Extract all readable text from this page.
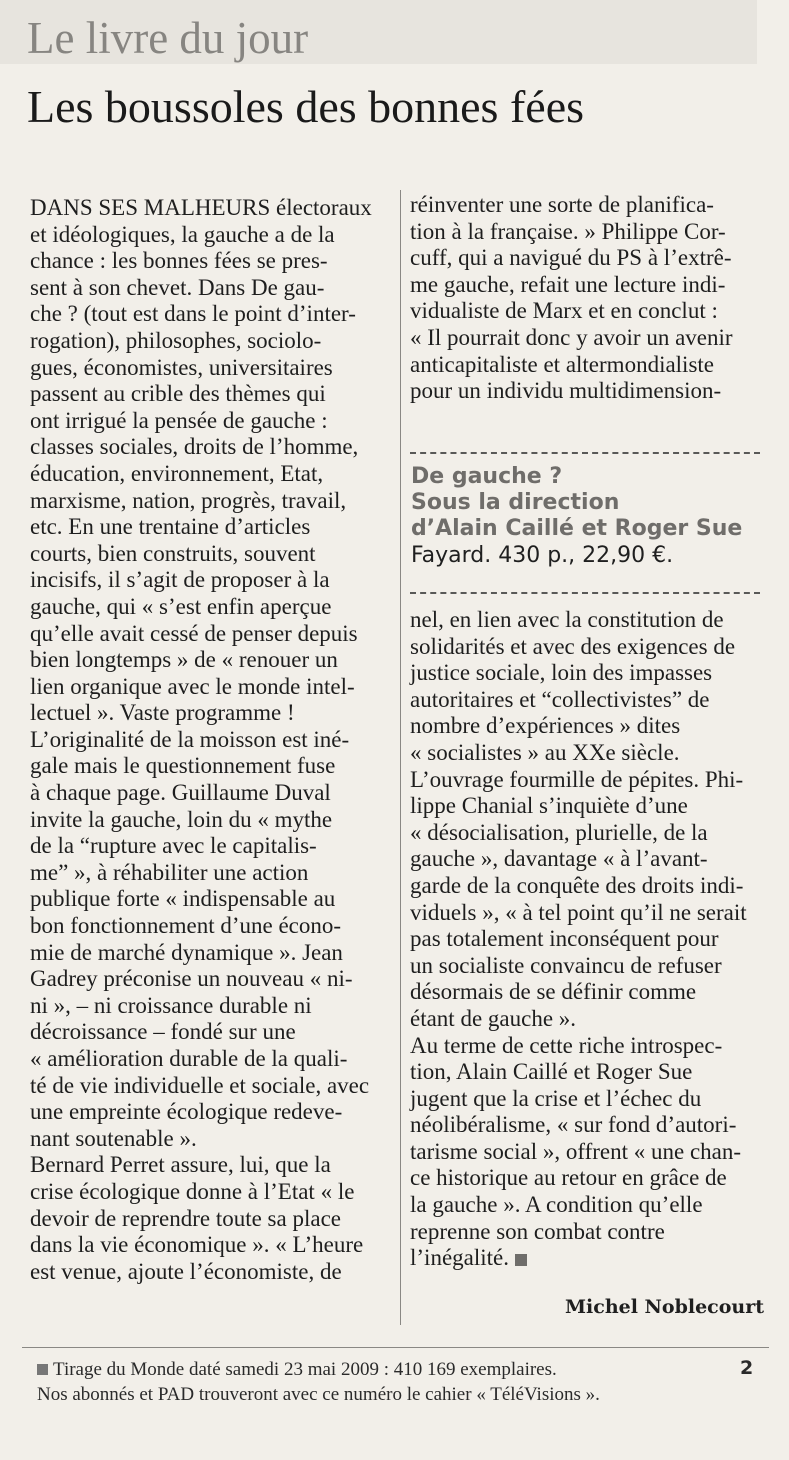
Le livre du jour
Les boussoles des bonnes fées
DANS SES MALHEURS électoraux
et idéologiques, la gauche a de la
chance : les bonnes fées se pres-
sent à son chevet. Dans De gau-
che ? (tout est dans le point d’inter-
rogation), philosophes, sociolo-
gues, économistes, universitaires
passent au crible des thèmes qui
ont irrigué la pensée de gauche :
classes sociales, droits de l’homme,
éducation, environnement, Etat,
marxisme, nation, progrès, travail,
etc. En une trentaine d’articles
courts, bien construits, souvent
incisifs, il s’agit de proposer à la
gauche, qui « s’est enfin aperçue
qu’elle avait cessé de penser depuis
bien longtemps » de « renouer un
lien organique avec le monde intel-
lectuel ». Vaste programme !
L’originalité de la moisson est iné-
gale mais le questionnement fuse
à chaque page. Guillaume Duval
invite la gauche, loin du « mythe
de la “rupture avec le capitalis-
me” », à réhabiliter une action
publique forte « indispensable au
bon fonctionnement d’une écono-
mie de marché dynamique ». Jean
Gadrey préconise un nouveau « ni-
ni », – ni croissance durable ni
décroissance – fondé sur une
« amélioration durable de la quali-
té de vie individuelle et sociale, avec
une empreinte écologique redeve-
nant soutenable ».
Bernard Perret assure, lui, que la
crise écologique donne à l’Etat « le
devoir de reprendre toute sa place
dans la vie économique ». « L’heure
est venue, ajoute l’économiste, de
réinventer une sorte de planifica-
tion à la française. » Philippe Cor-
cuff, qui a navigué du PS à l’extrê-
me gauche, refait une lecture indi-
vidualiste de Marx et en conclut :
« Il pourrait donc y avoir un avenir
anticapitaliste et altermondialiste
pour un individu multidimension-
De gauche ?
Sous la direction
d’Alain Caillé et Roger Sue
Fayard. 430 p., 22,90 €.
nel, en lien avec la constitution de
solidarités et avec des exigences de
justice sociale, loin des impasses
autoritaires et “collectivistes” de
nombre d’expériences » dites
« socialistes » au XXe siècle.
L’ouvrage fourmille de pépites. Phi-
lippe Chanial s’inquiète d’une
« désocialisation, plurielle, de la
gauche », davantage « à l’avant-
garde de la conquête des droits indi-
viduels », « à tel point qu’il ne serait
pas totalement inconséquent pour
un socialiste convaincu de refuser
désormais de se définir comme
étant de gauche ».
Au terme de cette riche introspec-
tion, Alain Caillé et Roger Sue
jugent que la crise et l’échec du
néolibéralisme, « sur fond d’autori-
tarisme social », offrent « une chan-
ce historique au retour en grâce de
la gauche ». A condition qu’elle
reprenne son combat contre
l’inégalité.
Michel Noblecourt
Tirage du Monde daté samedi 23 mai 2009 : 410 169 exemplaires.
Nos abonnés et PAD trouveront avec ce numéro le cahier « TéléVisions ».
2
